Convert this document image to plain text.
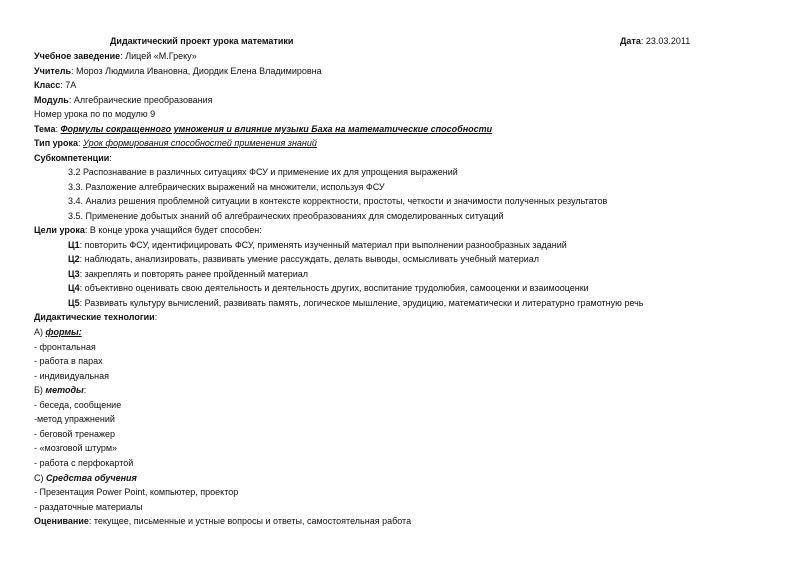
Дидактический проект урока математики	Дата: 23.03.2011
Учебное заведение: Лицей «М.Греку»
Учитель: Мороз Людмила Ивановна, Диордик Елена Владимировна
Класс: 7А
Модуль: Алгебраические преобразования
Номер урока по по модулю 9
Тема: Формулы сокращенного умножения и влияние музыки Баха на математические способности
Тип урока: Урок формирования способностей применения знаний
Субкомпетенции:
3.2 Распознавание в различных ситуациях ФСУ и применение их для упрощения выражений
3.3. Разложение алгебраических выражений на множители, используя ФСУ
3.4. Анализ решения проблемной ситуации в контексте корректности, простоты, четкости и значимости полученных результатов
3.5. Применение добытых знаний об алгебраических преобразованиях для смоделированных ситуаций
Цели урока: В конце урока учащийся будет способен:
Ц1: повторить ФСУ, идентифицировать ФСУ, применять изученный материал при выполнении разнообразных заданий
Ц2: наблюдать, анализировать, развивать умение рассуждать, делать выводы, осмысливать учебный материал
Ц3: закреплять и повторять ранее пройденный материал
Ц4: объективно оценивать свою деятельность и деятельность других, воспитание трудолюбия, самооценки и взаимооценки
Ц5: Развивать культуру вычислений, развивать память, логическое мышление, эрудицию, математически и литературно грамотную речь
Дидактические технологии:
А) формы:
- фронтальная
- работа в парах
- индивидуальная
Б) методы:
- беседа, сообщение
-метод упражнений
- беговой тренажер
- «мозговой штурм»
- работа с перфокартой
С) Средства обучения
- Презентация Power Point, компьютер, проектор
- раздаточные материалы
Оценивание: текущее, письменные и устные вопросы и ответы, самостоятельная работа
